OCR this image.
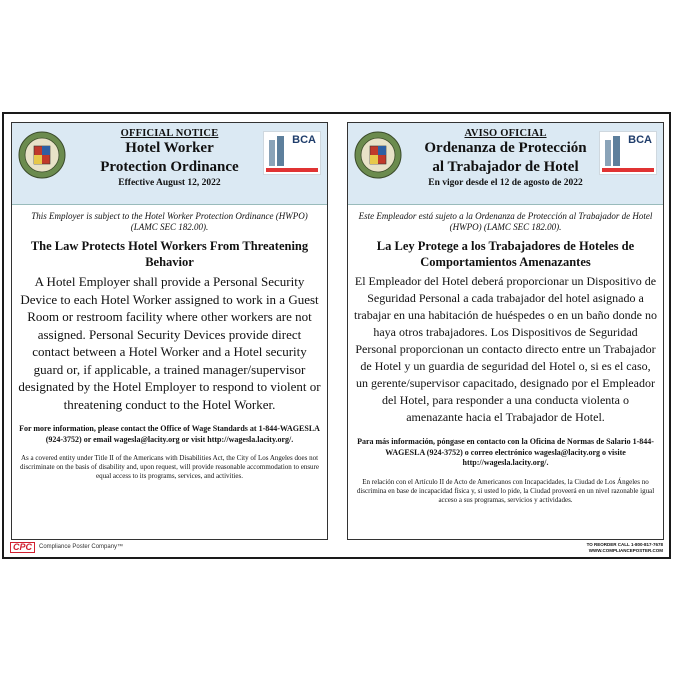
OFFICIAL NOTICE
Hotel Worker
Protection Ordinance
Effective August 12, 2022
BCA
This Employer is subject to the Hotel Worker Protection Ordinance (HWPO) (LAMC SEC 182.00).
The Law Protects Hotel Workers From Threatening Behavior
A Hotel Employer shall provide a Personal Security Device to each Hotel Worker assigned to work in a Guest Room or restroom facility where other workers are not assigned. Personal Security Devices provide direct contact between a Hotel Worker and a Hotel security guard or, if applicable, a trained manager/supervisor designated by the Hotel Employer to respond to violent or threatening conduct to the Hotel Worker.
For more information, please contact the Office of Wage Standards at 1-844-WAGESLA (924-3752) or email wagesla@lacity.org or visit http://wagesla.lacity.org/.
As a covered entity under Title II of the Americans with Disabilities Act, the City of Los Angeles does not discriminate on the basis of disability and, upon request, will provide reasonable accommodation to ensure equal access to its programs, services, and activities.
AVISO OFICIAL
Ordenanza de Protección
al Trabajador de Hotel
En vigor desde el 12 de agosto de 2022
BCA
Este Empleador está sujeto a la Ordenanza de Protección al Trabajador de Hotel (HWPO) (LAMC SEC 182.00).
La Ley Protege a los Trabajadores de Hoteles de Comportamientos Amenazantes
El Empleador del Hotel deberá proporcionar un Dispositivo de Seguridad Personal a cada trabajador del hotel asignado a trabajar en una habitación de huéspedes o en un baño donde no haya otros trabajadores. Los Dispositivos de Seguridad Personal proporcionan un contacto directo entre un Trabajador de Hotel y un guardia de seguridad del Hotel o, si es el caso, un gerente/supervisor capacitado, designado por el Empleador del Hotel, para responder a una conducta violenta o amenazante hacia el Trabajador de Hotel.
Para más información, póngase en contacto con la Oficina de Normas de Salario 1-844-WAGESLA (924-3752) o correo electrónico wagesla@lacity.org o visite http://wagesla.lacity.org/.
En relación con el Artículo II de Acto de Americanos con Incapacidades, la Ciudad de Los Ángeles no discrimina en base de incapacidad física y, si usted lo pide, la Ciudad proveerá en un nivel razonable igual acceso a sus programas, servicios y actividades.
CPC	Compliance Poster Company™	TO REORDER CALL 1-800-817-7678
WWW.COMPLIANCEPOSTER.COM
